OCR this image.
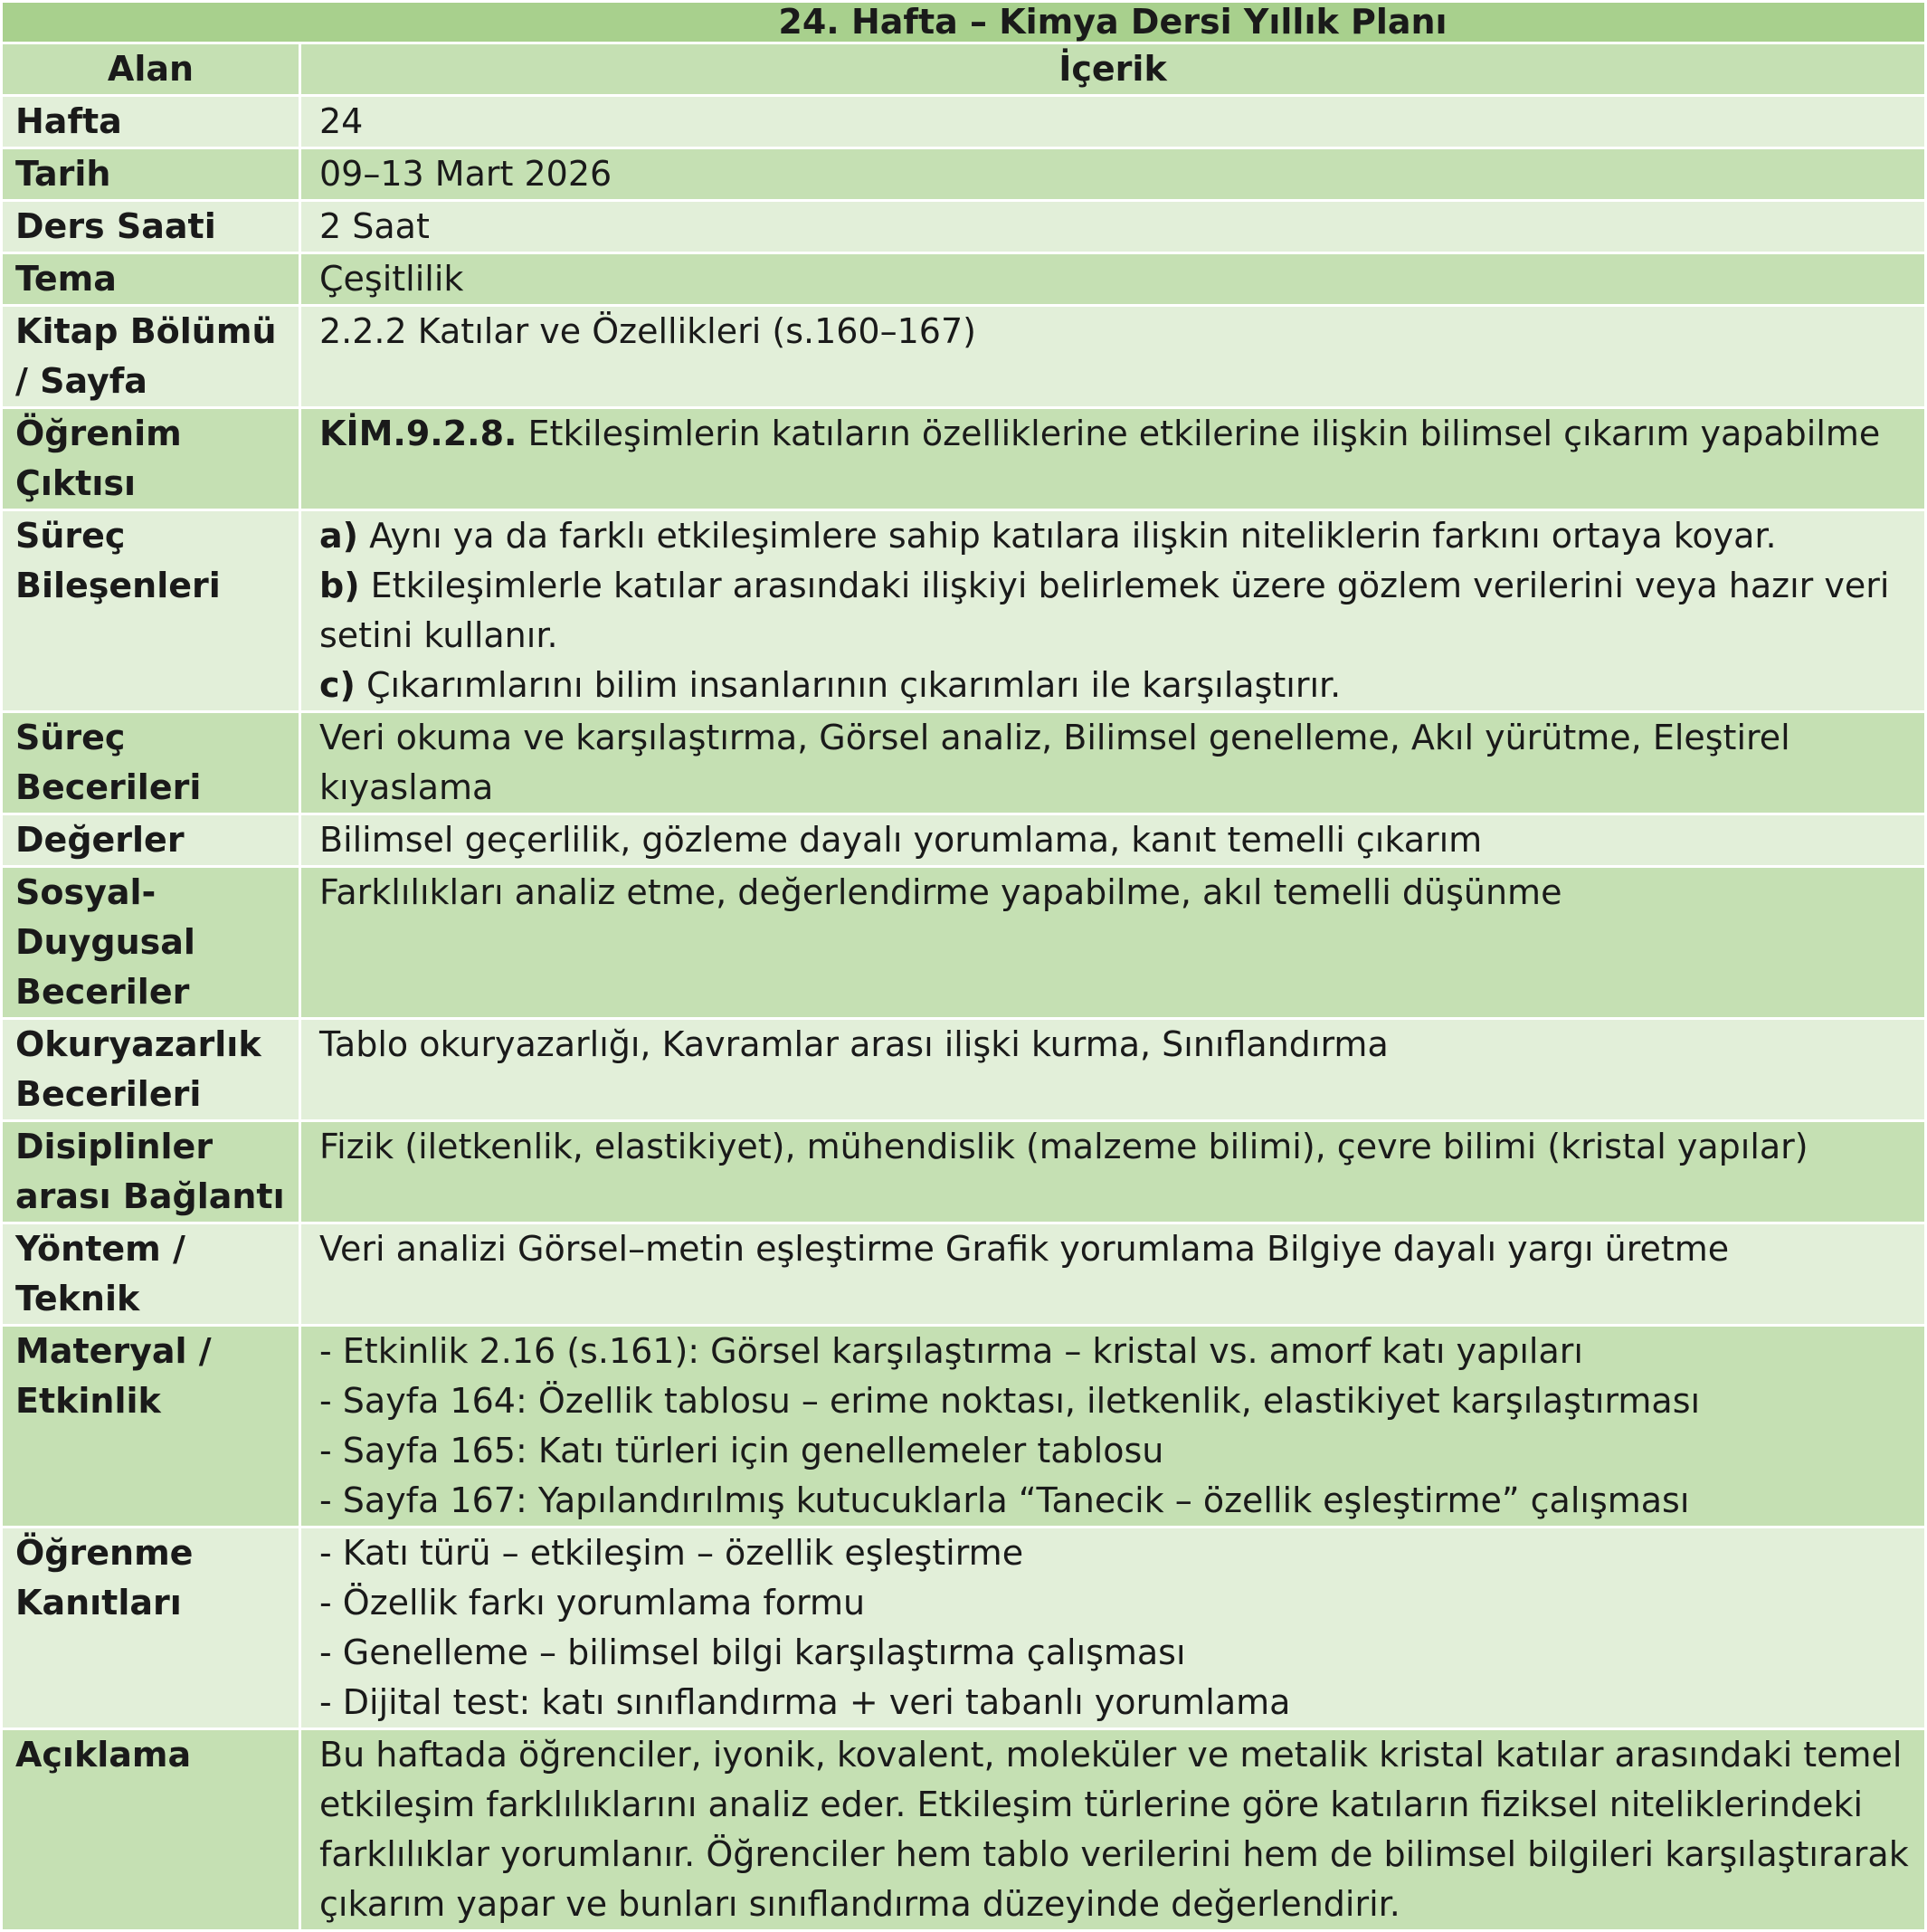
24. Hafta – Kimya Dersi Yıllık Planı	
Alan	İçerik
Hafta	24
Tarih	09–13 Mart 2026
Ders Saati	2 Saat
Tema	Çeşitlilik
Kitap Bölümü / Sayfa	2.2.2 Katılar ve Özellikleri (s.160–167)
Öğrenim Çıktısı	KİM.9.2.8. Etkileşimlerin katıların özelliklerine etkilerine ilişkin bilimsel çıkarım yapabilme
Süreç Bileşenleri	a) Aynı ya da farklı etkileşimlere sahip katılara ilişkin niteliklerin farkını ortaya koyar.
b) Etkileşimlerle katılar arasındaki ilişkiyi belirlemek üzere gözlem verilerini veya hazır veri setini kullanır.
c) Çıkarımlarını bilim insanlarının çıkarımları ile karşılaştırır.

Süreç Becerileri	Veri okuma ve karşılaştırma, Görsel analiz, Bilimsel genelleme, Akıl yürütme, Eleştirel kıyaslama
Değerler	Bilimsel geçerlilik, gözleme dayalı yorumlama, kanıt temelli çıkarım
Sosyal-Duygusal Beceriler	Farklılıkları analiz etme, değerlendirme yapabilme, akıl temelli düşünme
Okuryazarlık Becerileri	Tablo okuryazarlığı, Kavramlar arası ilişki kurma, Sınıflandırma
Disiplinler arası Bağlantı	Fizik (iletkenlik, elastikiyet), mühendislik (malzeme bilimi), çevre bilimi (kristal yapılar)
Yöntem / Teknik	Veri analizi Görsel–metin eşleştirme Grafik yorumlama Bilgiye dayalı yargı üretme
Materyal / Etkinlik	- Etkinlik 2.16 (s.161): Görsel karşılaştırma – kristal vs. amorf katı yapıları
- Sayfa 164: Özellik tablosu – erime noktası, iletkenlik, elastikiyet karşılaştırması
- Sayfa 165: Katı türleri için genellemeler tablosu
- Sayfa 167: Yapılandırılmış kutucuklarla “Tanecik – özellik eşleştirme” çalışması

Öğrenme Kanıtları	- Katı türü – etkileşim – özellik eşleştirme
- Özellik farkı yorumlama formu
- Genelleme – bilimsel bilgi karşılaştırma çalışması
- Dijital test: katı sınıflandırma + veri tabanlı yorumlama

Açıklama	Bu haftada öğrenciler, iyonik, kovalent, moleküler ve metalik kristal katılar arasındaki temel etkileşim farklılıklarını analiz eder. Etkileşim türlerine göre katıların fiziksel niteliklerindeki farklılıklar yorumlanır. Öğrenciler hem tablo verilerini hem de bilimsel bilgileri karşılaştırarak çıkarım yapar ve bunları sınıflandırma düzeyinde değerlendirir.
